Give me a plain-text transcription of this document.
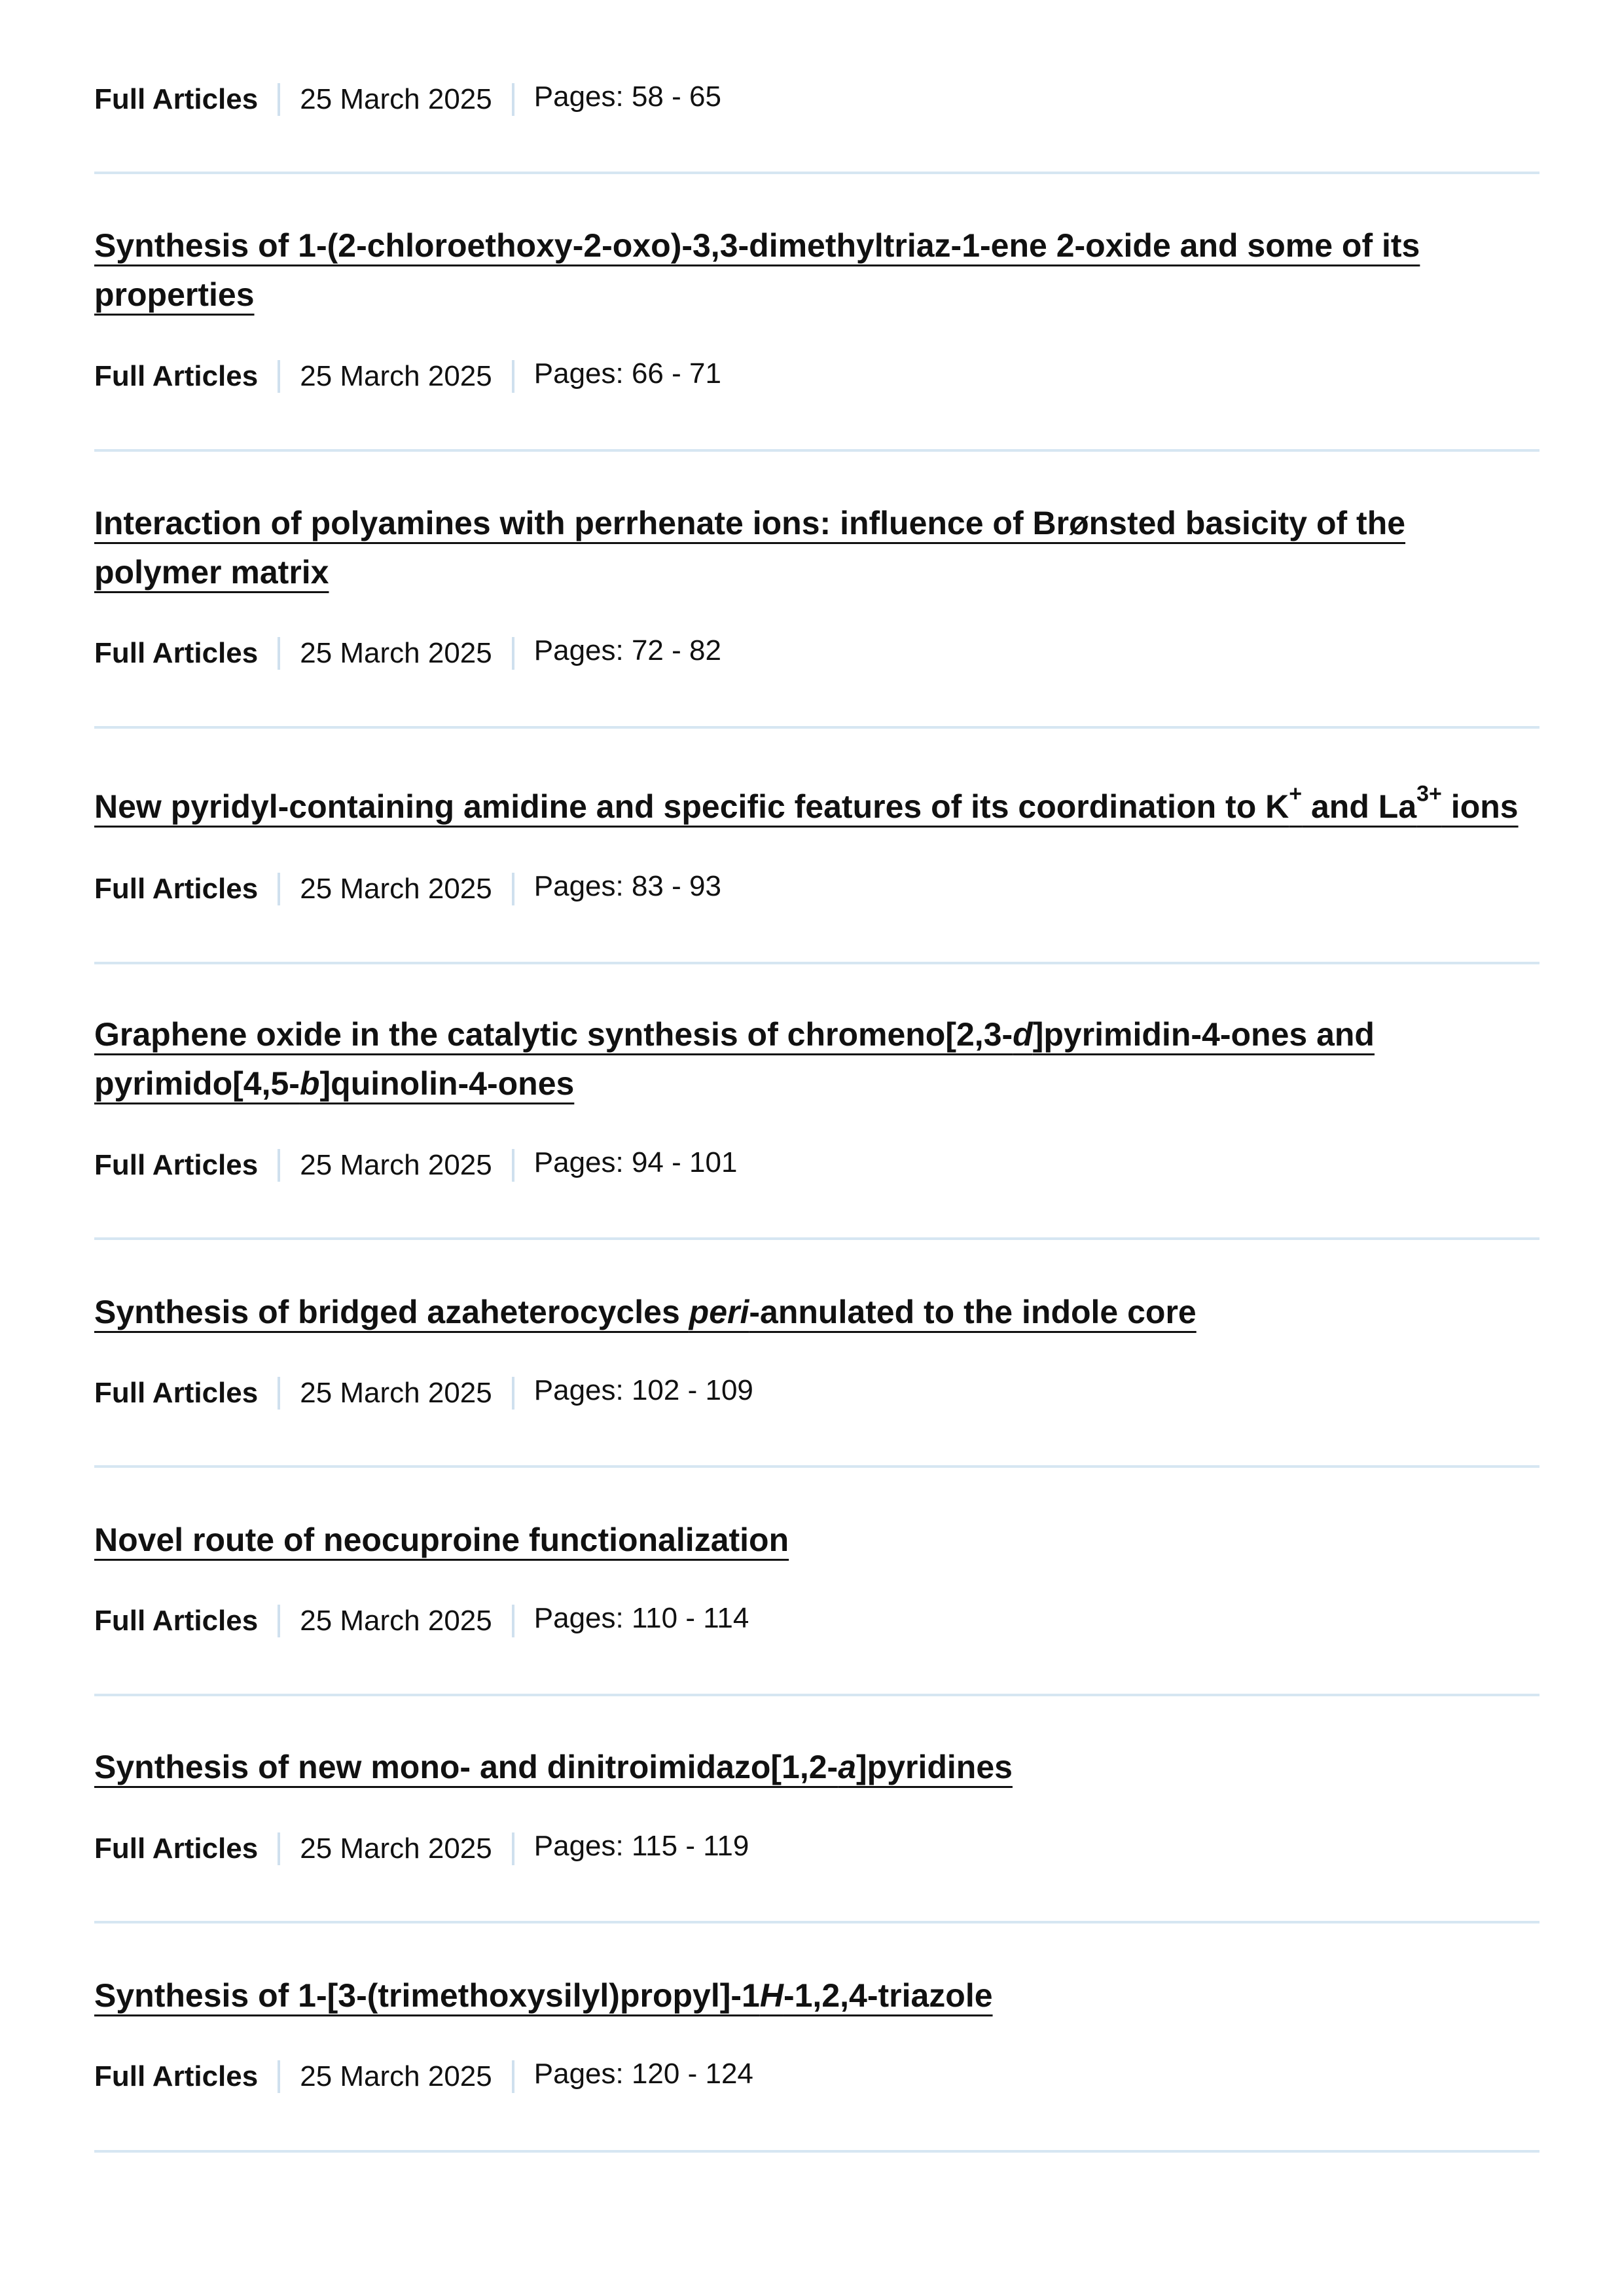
Full Articles 25 March 2025 Pages: 58 - 65
Synthesis of 1-(2-chloroethoxy-2-oxo)-3,3-dimethyltriaz-1-ene 2-oxide and some of its properties
Full Articles 25 March 2025 Pages: 66 - 71
Interaction of polyamines with perrhenate ions: influence of Brønsted basicity of the polymer matrix
Full Articles 25 March 2025 Pages: 72 - 82
New pyridyl-containing amidine and specific features of its coordination to K+ and La$^{3+}$ ions
Full Articles 25 March 2025 Pages: 83 - 93
Graphene oxide in the catalytic synthesis of chromeno[2,3-d]pyrimidin-4-ones and pyrimido[4,5-b]quinolin-4-ones
Full Articles 25 March 2025 Pages: 94 - 101
Synthesis of bridged azaheterocycles peri-annulated to the indole core
Full Articles 25 March 2025 Pages: 102 - 109
Novel route of neocuproine functionalization
Full Articles 25 March 2025 Pages: 110 - 114
Synthesis of new mono- and dinitroimidazo[1,2-a]pyridines
Full Articles 25 March 2025 Pages: 115 - 119
Synthesis of 1-[3-(trimethoxysilyl)propyl]-1H-1,2,4-triazole
Full Articles 25 March 2025 Pages: 120 - 124
